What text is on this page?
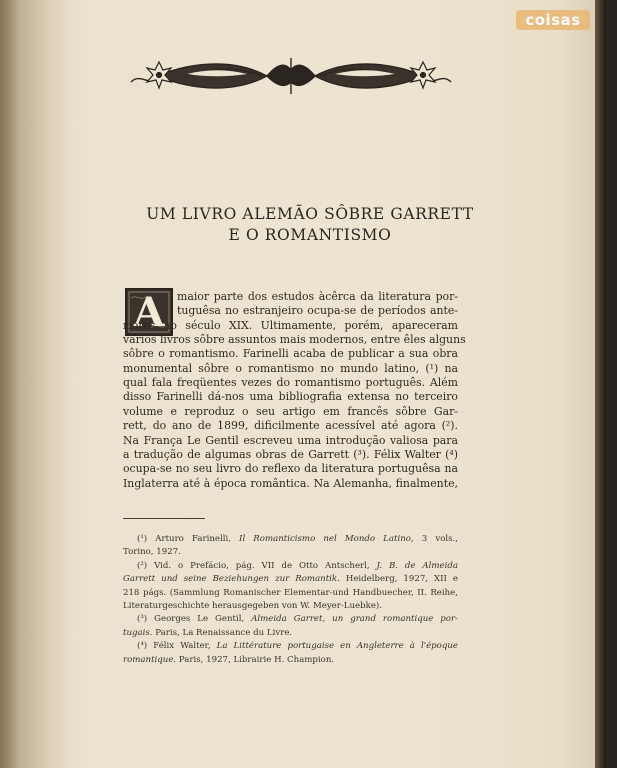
coisas
UM LIVRO ALEMÃO SÔBRE GARRETT
E O ROMANTISMO
A	maior parte dos estudos àcêrca da literatura por-
tuguêsa no estranjeiro ocupa-se de períodos ante-
riores ao século XIX. Ultimamente, porém, apareceram
vários livros sôbre assuntos mais modernos, entre êles alguns
sôbre o romantismo. Farinelli acaba de publicar a sua obra
monumental sôbre o romantismo no mundo latino, (¹) na
qual fala freqüentes vezes do romantismo português. Além
disso Farinelli dá-nos uma bibliografia extensa no terceiro
volume e reproduz o seu artigo em francês sôbre Gar-
rett, do ano de 1899, dificilmente acessível até agora (²).
Na França Le Gentil escreveu uma introdução valiosa para
a tradução de algumas obras de Garrett (³). Félix Walter (⁴)
ocupa-se no seu livro do reflexo da literatura portuguêsa na
Inglaterra até à época romântica. Na Alemanha, finalmente,
(¹) Arturo Farinelli, Il Romanticismo nel Mondo Latino, 3 vols.,
Torino, 1927.
(²) Vid. o Prefácio, pág. VII de Otto Antscherl, J. B. de Almeida
Garrett und seine Beziehungen zur Romantik. Heidelberg, 1927, XII e
218 págs. (Sammlung Romanischer Elementar-und Handbuecher, II. Reihe,
Literaturgeschichte herausgegeben von W. Meyer-Luebke).
(³) Georges Le Gentil, Almeida Garret, un grand romantique por-
tugais. Paris, La Renaissance du Livre.
(⁴) Félix Walter, La Littérature portugaise en Angleterre à l'époque
romantique. Paris, 1927, Librairie H. Champion.
